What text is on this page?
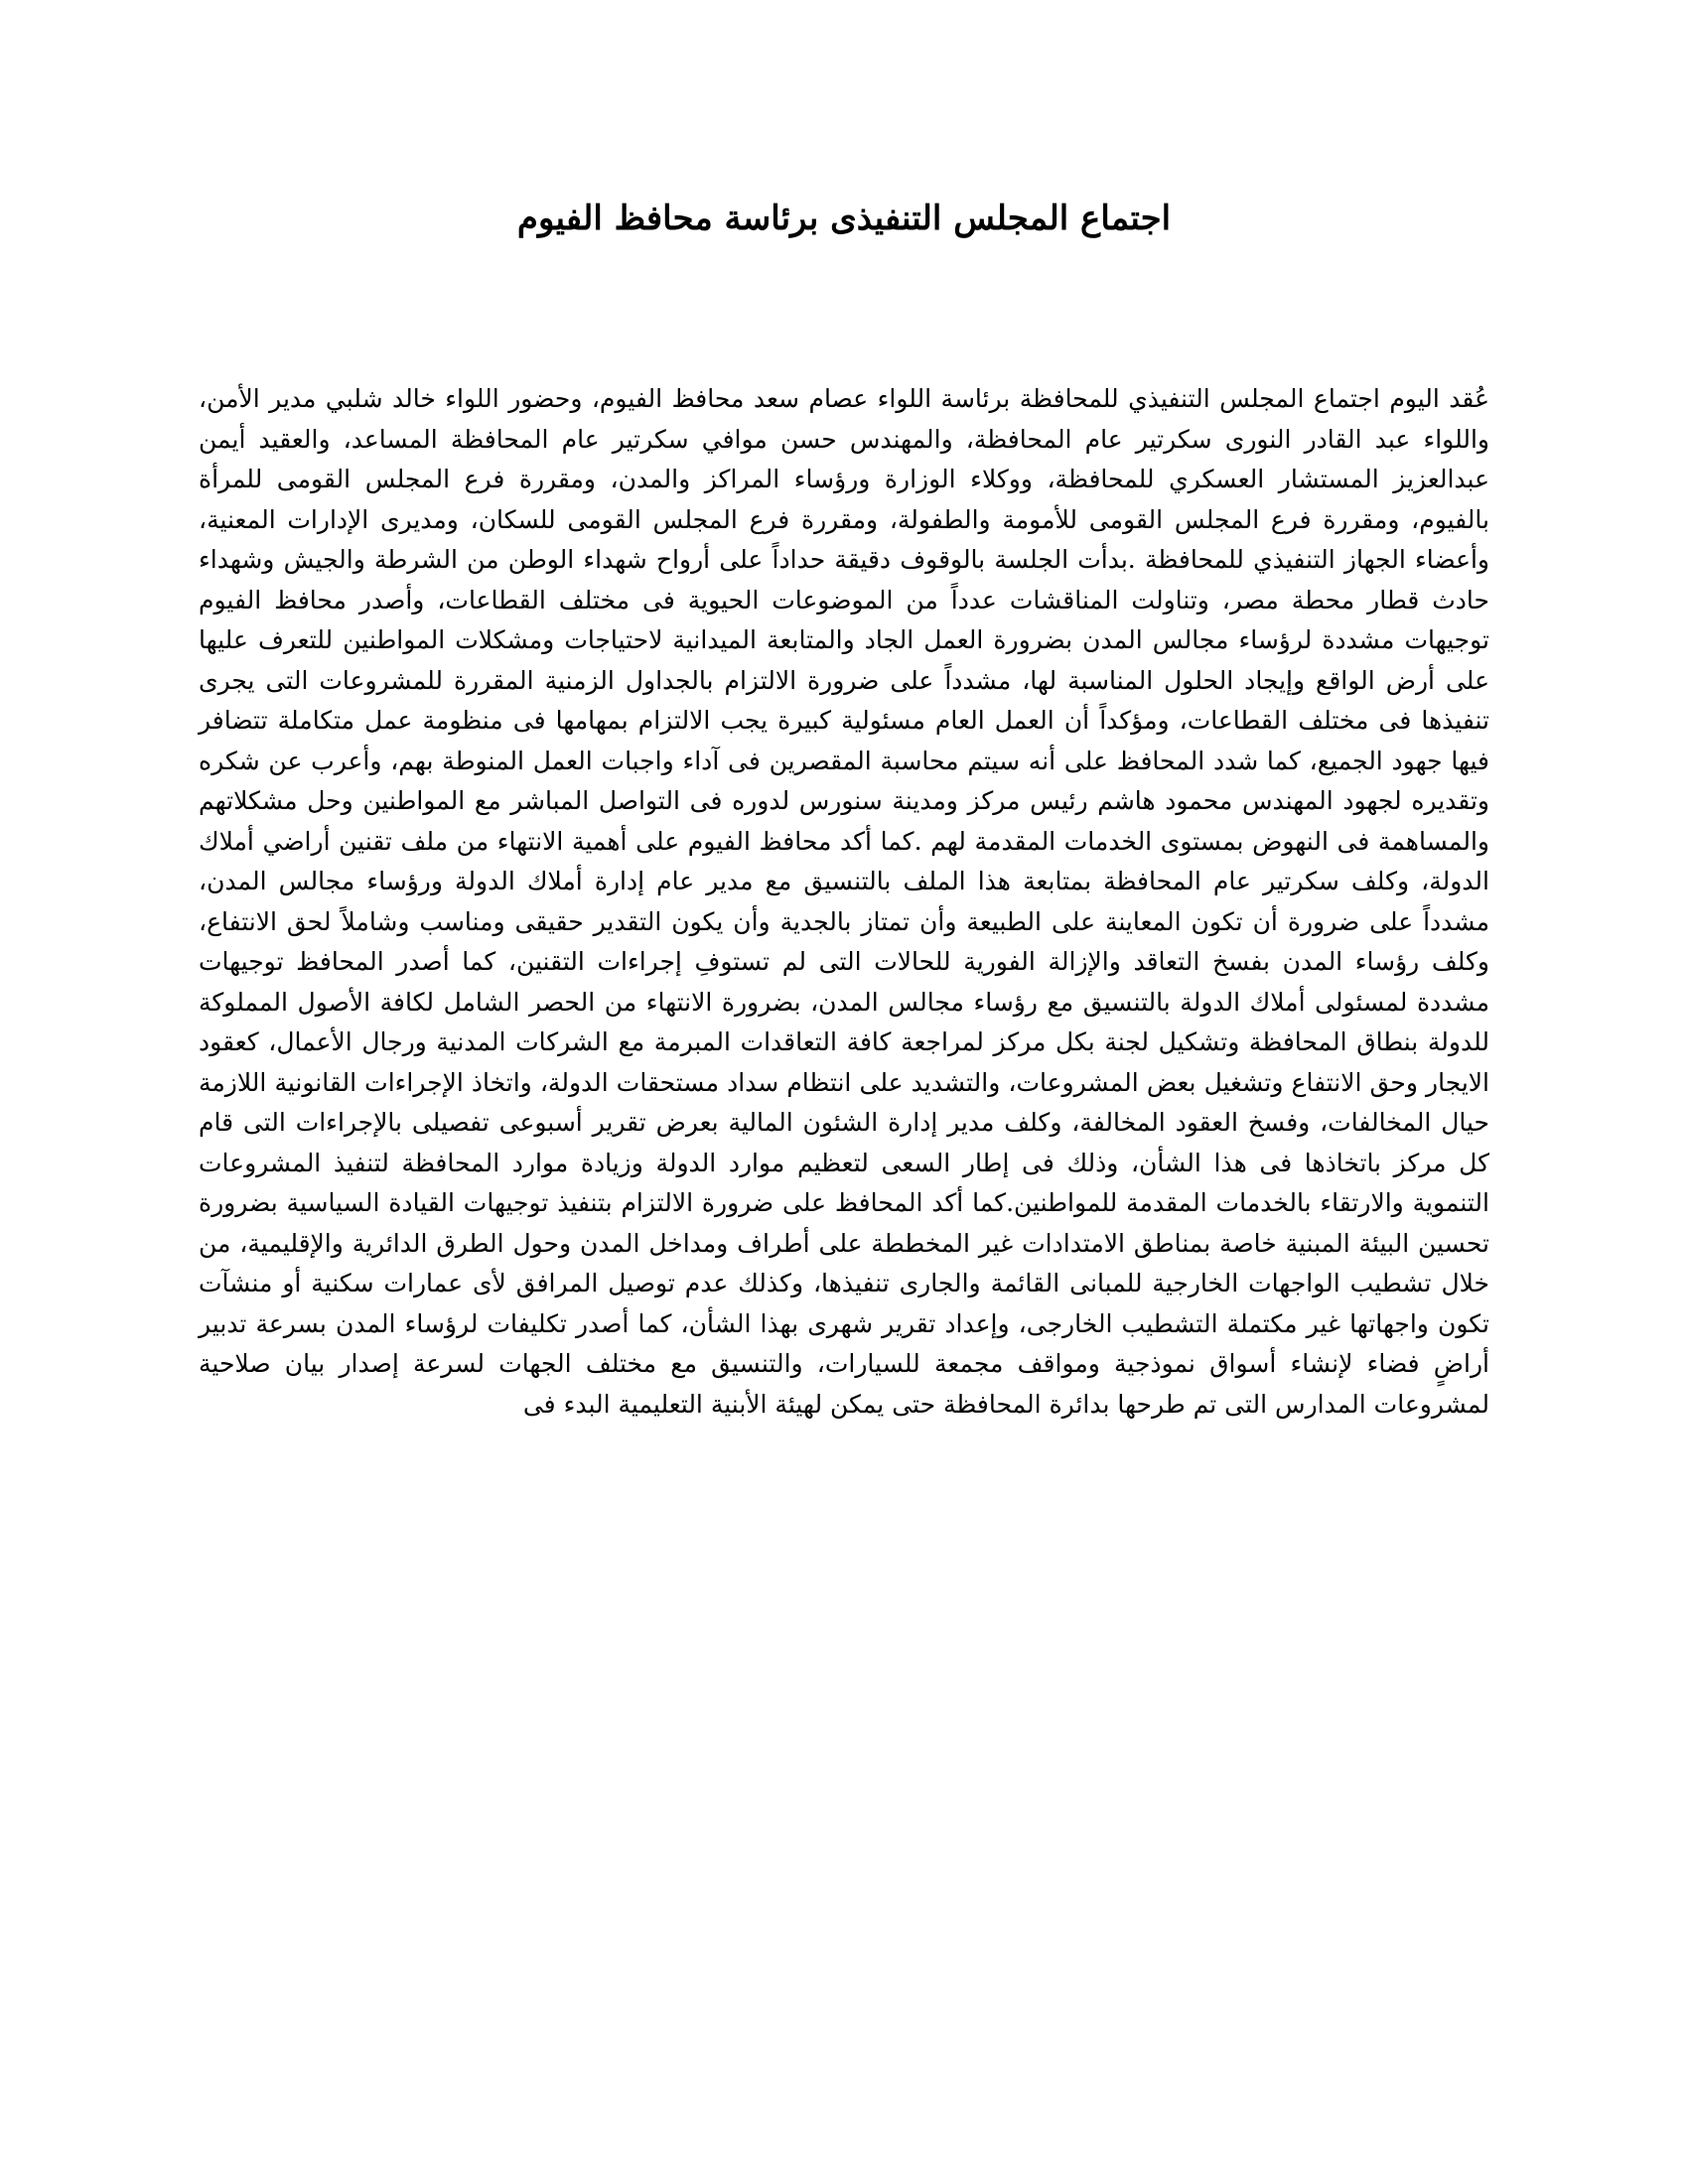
اجتماع المجلس التنفيذى برئاسة محافظ الفيوم

عُقد اليوم اجتماع المجلس التنفيذي للمحافظة برئاسة اللواء عصام سعد محافظ الفيوم، وحضور اللواء خالد شلبي مدير الأمن، واللواء عبد القادر النورى سكرتير عام المحافظة، والمهندس حسن موافي سكرتير عام المحافظة المساعد، والعقيد أيمن عبدالعزيز المستشار العسكري للمحافظة، ووكلاء الوزارة ورؤساء المراكز والمدن، ومقررة فرع المجلس القومى للمرأة بالفيوم، ومقررة فرع المجلس القومى للأمومة والطفولة، ومقررة فرع المجلس القومى للسكان، ومديرى الإدارات المعنية، وأعضاء الجهاز التنفيذي للمحافظة .بدأت الجلسة بالوقوف دقيقة حداداً على أرواح شهداء الوطن من الشرطة والجيش وشهداء حادث قطار محطة مصر، وتناولت المناقشات عدداً من الموضوعات الحيوية فى مختلف القطاعات، وأصدر محافظ الفيوم توجيهات مشددة لرؤساء مجالس المدن بضرورة العمل الجاد والمتابعة الميدانية لاحتياجات ومشكلات المواطنين للتعرف عليها على أرض الواقع وإيجاد الحلول المناسبة لها، مشدداً على ضرورة الالتزام بالجداول الزمنية المقررة للمشروعات التى يجرى تنفيذها فى مختلف القطاعات، ومؤكداً أن العمل العام مسئولية كبيرة يجب الالتزام بمهامها فى منظومة عمل متكاملة تتضافر فيها جهود الجميع، كما شدد المحافظ على أنه سيتم محاسبة المقصرين فى آداء واجبات العمل المنوطة بهم، وأعرب عن شكره وتقديره لجهود المهندس محمود هاشم رئيس مركز ومدينة سنورس لدوره فى التواصل المباشر مع المواطنين وحل مشكلاتهم والمساهمة فى النهوض بمستوى الخدمات المقدمة لهم .كما أكد محافظ الفيوم على أهمية الانتهاء من ملف تقنين أراضي أملاك الدولة، وكلف سكرتير عام المحافظة بمتابعة هذا الملف بالتنسيق مع مدير عام إدارة أملاك الدولة ورؤساء مجالس المدن، مشدداً على ضرورة أن تكون المعاينة على الطبيعة وأن تمتاز بالجدية وأن يكون التقدير حقيقى ومناسب وشاملاً لحق الانتفاع، وكلف رؤساء المدن بفسخ التعاقد والإزالة الفورية للحالات التى لم تستوفِ إجراءات التقنين، كما أصدر المحافظ توجيهات مشددة لمسئولى أملاك الدولة بالتنسيق مع رؤساء مجالس المدن، بضرورة الانتهاء من الحصر الشامل لكافة الأصول المملوكة للدولة بنطاق المحافظة وتشكيل لجنة بكل مركز لمراجعة كافة التعاقدات المبرمة مع الشركات المدنية ورجال الأعمال، كعقود الايجار وحق الانتفاع وتشغيل بعض المشروعات، والتشديد على انتظام سداد مستحقات الدولة، واتخاذ الإجراءات القانونية اللازمة حيال المخالفات، وفسخ العقود المخالفة، وكلف مدير إدارة الشئون المالية بعرض تقرير أسبوعى تفصيلى بالإجراءات التى قام كل مركز باتخاذها فى هذا الشأن، وذلك فى إطار السعى لتعظيم موارد الدولة وزيادة موارد المحافظة لتنفيذ المشروعات التنموية والارتقاء بالخدمات المقدمة للمواطنين.كما أكد المحافظ على ضرورة الالتزام بتنفيذ توجيهات القيادة السياسية بضرورة تحسين البيئة المبنية خاصة بمناطق الامتدادات غير المخططة على أطراف ومداخل المدن وحول الطرق الدائرية والإقليمية، من خلال تشطيب الواجهات الخارجية للمبانى القائمة والجارى تنفيذها، وكذلك عدم توصيل المرافق لأى عمارات سكنية أو منشآت تكون واجهاتها غير مكتملة التشطيب الخارجى، وإعداد تقرير شهرى بهذا الشأن، كما أصدر تكليفات لرؤساء المدن بسرعة تدبير أراضٍ فضاء لإنشاء أسواق نموذجية ومواقف مجمعة للسيارات، والتنسيق مع مختلف الجهات لسرعة إصدار بيان صلاحية لمشروعات المدارس التى تم طرحها بدائرة المحافظة حتى يمكن لهيئة الأبنية التعليمية البدء فى
